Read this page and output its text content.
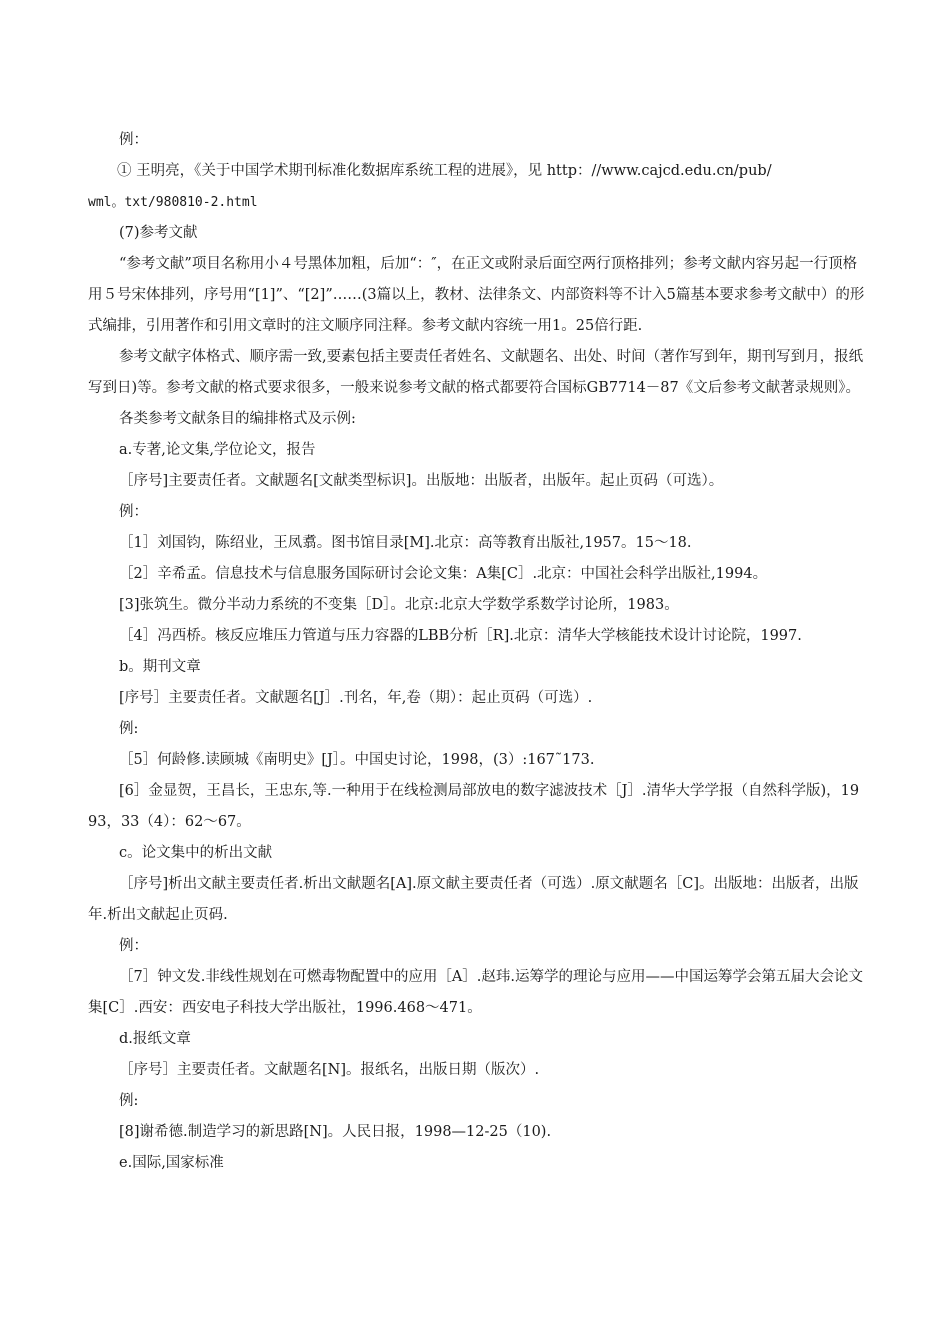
例：

① 王明亮，《关于中国学术期刊标准化数据库系统工程的进展》，见 http：//www.cajcd.edu.cn/pub/

wml。txt/980810-2.html

(7)参考文献

“参考文献”项目名称用小４号黑体加粗，后加“：″，在正文或附录后面空两行顶格排列；参考文献内容另起一行顶格用５号宋体排列，序号用“[1]”、“[2]”……(3篇以上，教材、法律条文、内部资料等不计入5篇基本要求参考文献中）的形式编排，引用著作和引用文章时的注文顺序同注释。参考文献内容统一用1。25倍行距.

参考文献字体格式、顺序需一致,要素包括主要责任者姓名、文献题名、出处、时间（著作写到年，期刊写到月，报纸写到日)等。参考文献的格式要求很多，一般来说参考文献的格式都要符合国标GB7714－87《文后参考文献著录规则》。

各类参考文献条目的编排格式及示例:

a.专著,论文集,学位论文，报告

［序号]主要责任者。文献题名[文献类型标识]。出版地：出版者，出版年。起止页码（可选）。

例：

［1］刘国钧，陈绍业，王凤翥。图书馆目录[M].北京：高等教育出版社,1957。15～18.

［2］辛希孟。信息技术与信息服务国际研讨会论文集：A集[C］.北京：中国社会科学出版社,1994。

[3]张筑生。微分半动力系统的不变集［D］。北京:北京大学数学系数学讨论所，1983。

［4］冯西桥。核反应堆压力管道与压力容器的LBB分析［R].北京：清华大学核能技术设计讨论院，1997.

b。期刊文章

[序号］主要责任者。文献题名[J］.刊名，年,卷（期）：起止页码（可选）.

例:

［5］何龄修.读顾城《南明史》[J］。中国史讨论，1998，(3）:167˜173.

[6］金显贺，王昌长，王忠东,等.一种用于在线检测局部放电的数字滤波技术［J］.清华大学学报（自然科学版)，1993，33（4）：62～67。

c。论文集中的析出文献

［序号]析出文献主要责任者.析出文献题名[A].原文献主要责任者（可选）.原文献题名［C]。出版地：出版者，出版年.析出文献起止页码.

例：

［7］钟文发.非线性规划在可燃毒物配置中的应用［A］.赵玮.运筹学的理论与应用——中国运筹学会第五届大会论文集[C］.西安：西安电子科技大学出版社，1996.468～471。

d.报纸文章

［序号］主要责任者。文献题名[N]。报纸名，出版日期（版次）.

例:

[8]谢希德.制造学习的新思路[N]。人民日报，1998—12-25（10).

e.国际,国家标准
